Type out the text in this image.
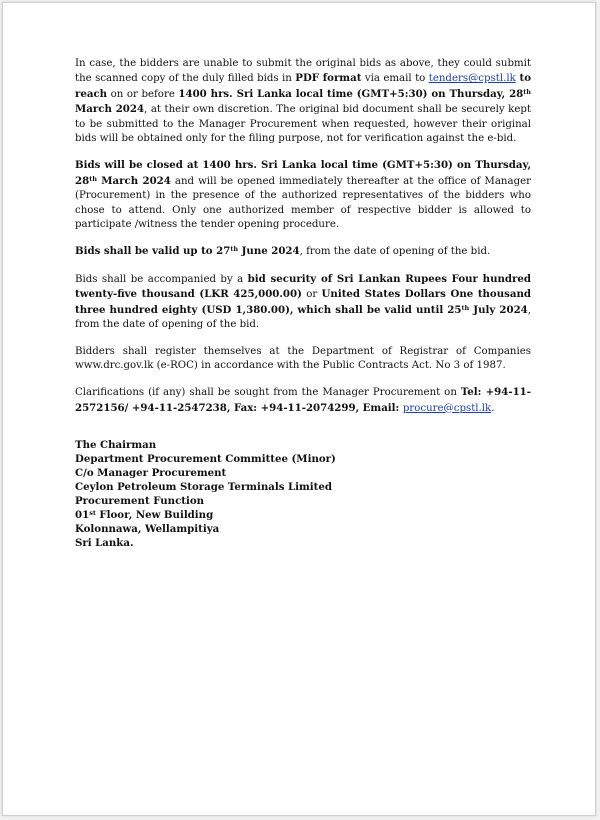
In case, the bidders are unable to submit the original bids as above, they could submit the scanned copy of the duly filled bids in PDF format via email to tenders@cpstl.lk to reach on or before 1400 hrs. Sri Lanka local time (GMT+5:30) on Thursday, 28th March 2024, at their own discretion. The original bid document shall be securely kept to be submitted to the Manager Procurement when requested, however their original bids will be obtained only for the filing purpose, not for verification against the e-bid.

Bids will be closed at 1400 hrs. Sri Lanka local time (GMT+5:30) on Thursday, 28th March 2024 and will be opened immediately thereafter at the office of Manager (Procurement) in the presence of the authorized representatives of the bidders who chose to attend. Only one authorized member of respective bidder is allowed to participate /witness the tender opening procedure.

Bids shall be valid up to 27th June 2024, from the date of opening of the bid.

Bids shall be accompanied by a bid security of Sri Lankan Rupees Four hundred twenty-five thousand (LKR 425,000.00) or United States Dollars One thousand three hundred eighty (USD 1,380.00), which shall be valid until 25th July 2024, from the date of opening of the bid.

Bidders shall register themselves at the Department of Registrar of Companies www.drc.gov.lk (e-ROC) in accordance with the Public Contracts Act. No 3 of 1987.

Clarifications (if any) shall be sought from the Manager Procurement on Tel: +94-11-2572156/ +94-11-2547238, Fax: +94-11-2074299, Email: procure@cpstl.lk.

The Chairman
Department Procurement Committee (Minor)
C/o Manager Procurement
Ceylon Petroleum Storage Terminals Limited
Procurement Function
01st Floor, New Building
Kolonnawa, Wellampitiya
Sri Lanka.
